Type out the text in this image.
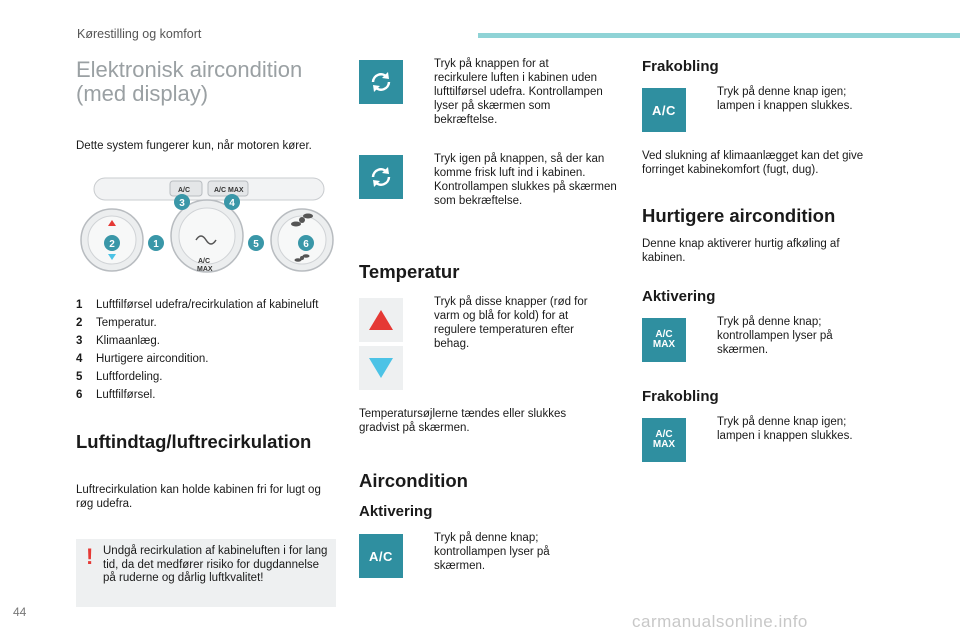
Kørestilling og komfort
Elektronisk aircondition
(med display)
Dette system fungerer kun, når motoren kører.
A/C	A/C MAX
A/C
MAX
3	4
2	1	5	6
1	Luftfilførsel udefra/recirkulation af kabineluft
2	Temperatur.
3	Klimaanlæg.
4	Hurtigere aircondition.
5	Luftfordeling.
6	Luftfilførsel.
Luftindtag/luftrecirkulation
Luftrecirkulation kan holde kabinen fri for lugt og røg udefra.
! Undgå recirkulation af kabineluften i for lang tid, da det medfører risiko for dugdannelse på ruderne og dårlig luftkvalitet!
Tryk på knappen for at recirkulere luften i kabinen uden lufttilførsel udefra. Kontrollampen lyser på skærmen som bekræftelse.
Tryk igen på knappen, så der kan komme frisk luft ind i kabinen. Kontrollampen slukkes på skærmen som bekræftelse.
Temperatur
Tryk på disse knapper (rød for varm og blå for kold) for at regulere temperaturen efter behag.
Temperatursøjlerne tændes eller slukkes gradvist på skærmen.
Aircondition
Aktivering
A/C
Tryk på denne knap; kontrollampen lyser på skærmen.
Frakobling
A/C
Tryk på denne knap igen; lampen i knappen slukkes.
Ved slukning af klimaanlægget kan det give forringet kabinekomfort (fugt, dug).
Hurtigere aircondition
Denne knap aktiverer hurtig afkøling af kabinen.
Aktivering
A/C
MAX
Tryk på denne knap; kontrollampen lyser på skærmen.
Frakobling
A/C
MAX
Tryk på denne knap igen; lampen i knappen slukkes.
44	carmanualsonline.info
